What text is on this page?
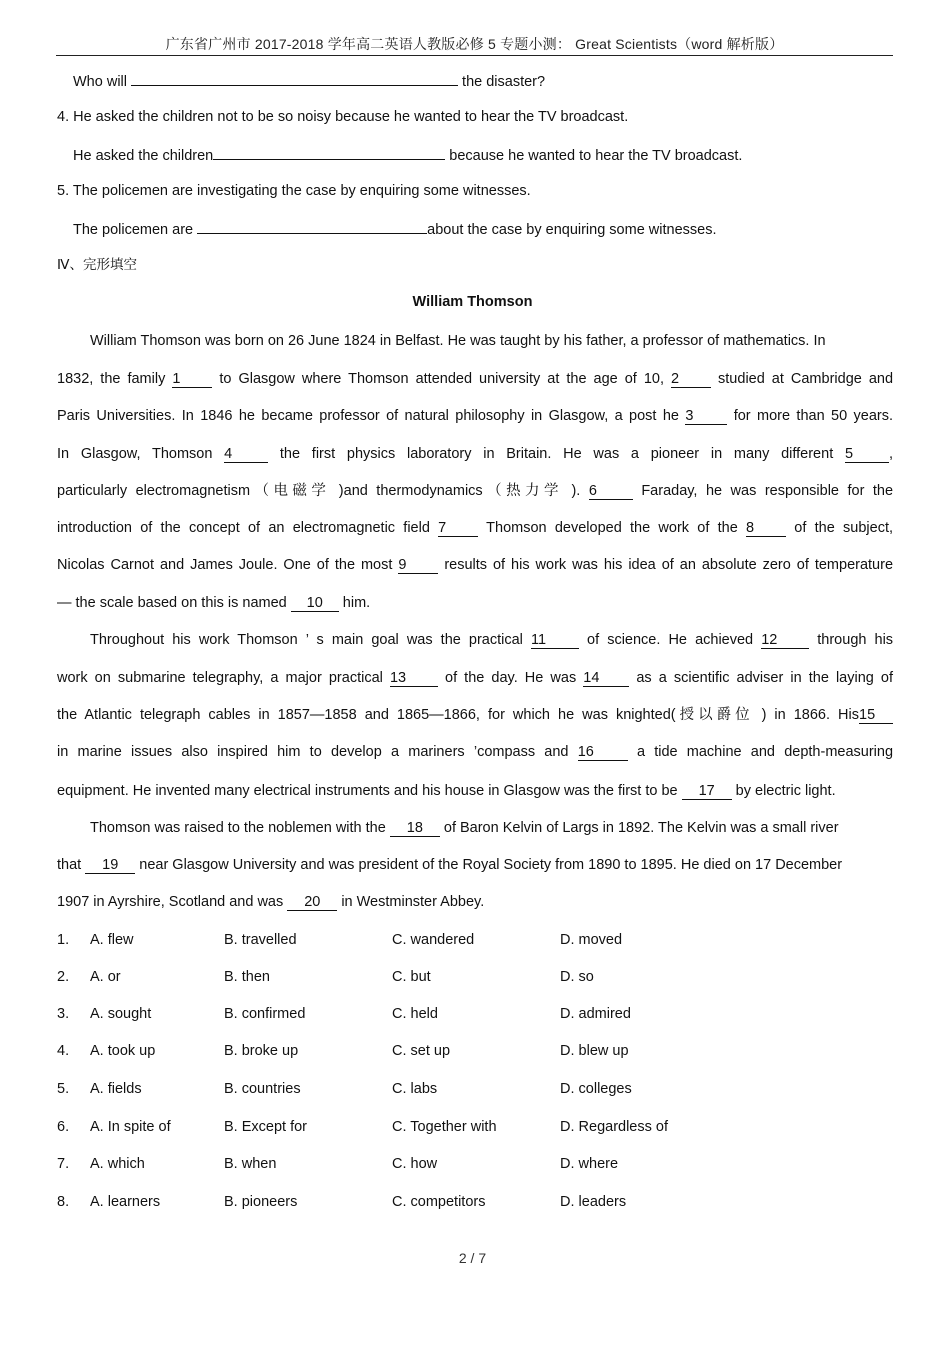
广东省广州市 2017-2018 学年高二英语人教版必修 5 专题小测： Great Scientists（word 解析版）
Who will	the disaster?
4. He asked the children not to be so noisy because he wanted to hear the TV broadcast.
He asked the children	because he wanted to hear the TV broadcast.
5. The policemen are investigating the case by enquiring some witnesses.
The policemen are	about the case by enquiring some witnesses.
Ⅳ、完形填空
William Thomson
William Thomson was born on 26 June 1824 in Belfast. He was taught by his father, a professor of mathematics. In
1832, the family 1	to Glasgow where Thomson attended university at the age of 10, 2	studied at Cambridge and
Paris Universities. In 1846 he became professor of natural philosophy in Glasgow, a post he 3	for more than 50 years.
In Glasgow, Thomson 4	the first physics laboratory in Britain. He was a pioneer in many different 5 ,
particularly electromagnetism（电磁学 )and thermodynamics（热力学 ). 6	Faraday, he was responsible for the
introduction of the concept of an electromagnetic field 7	Thomson developed the work of the 8	of the subject,
Nicolas Carnot and James Joule. One of the most 9	results of his work was his idea of an absolute zero of temperature
— the scale based on this is named 10 him.
Throughout his work Thomson ’ s main goal was the practical 11	of science. He achieved 12	through his
work on submarine telegraphy, a major practical 13	of the day. He was 14	as a scientific adviser in the laying of
the Atlantic telegraph cables in 1857—1858 and 1865—1866, for which he was knighted(授以爵位 ) in 1866. His15
in marine issues also inspired him to develop a mariners ’compass and 16	a tide machine and depth-measuring
equipment. He invented many electrical instruments and his house in Glasgow was the first to be 17 by electric light.
Thomson was raised to the noblemen with the 18 of Baron Kelvin of Largs in 1892. The Kelvin was a small river
that 19 near Glasgow University and was president of the Royal Society from 1890 to 1895. He died on 17 December
1907 in Ayrshire, Scotland and was 20 in Westminster Abbey.
1. A. flew	B. travelled	C. wandered	D. moved
2. A. or	B. then	C. but	D. so
3. A. sought	B. confirmed	C. held	D. admired
4. A. took up	B. broke up	C. set up	D. blew up
5. A. fields	B. countries	C. labs	D. colleges
6. A. In spite of	B. Except for	C. Together with	D. Regardless of
7. A. which	B. when	C. how	D. where
8. A. learners	B. pioneers	C. competitors	D. leaders
2 / 7
